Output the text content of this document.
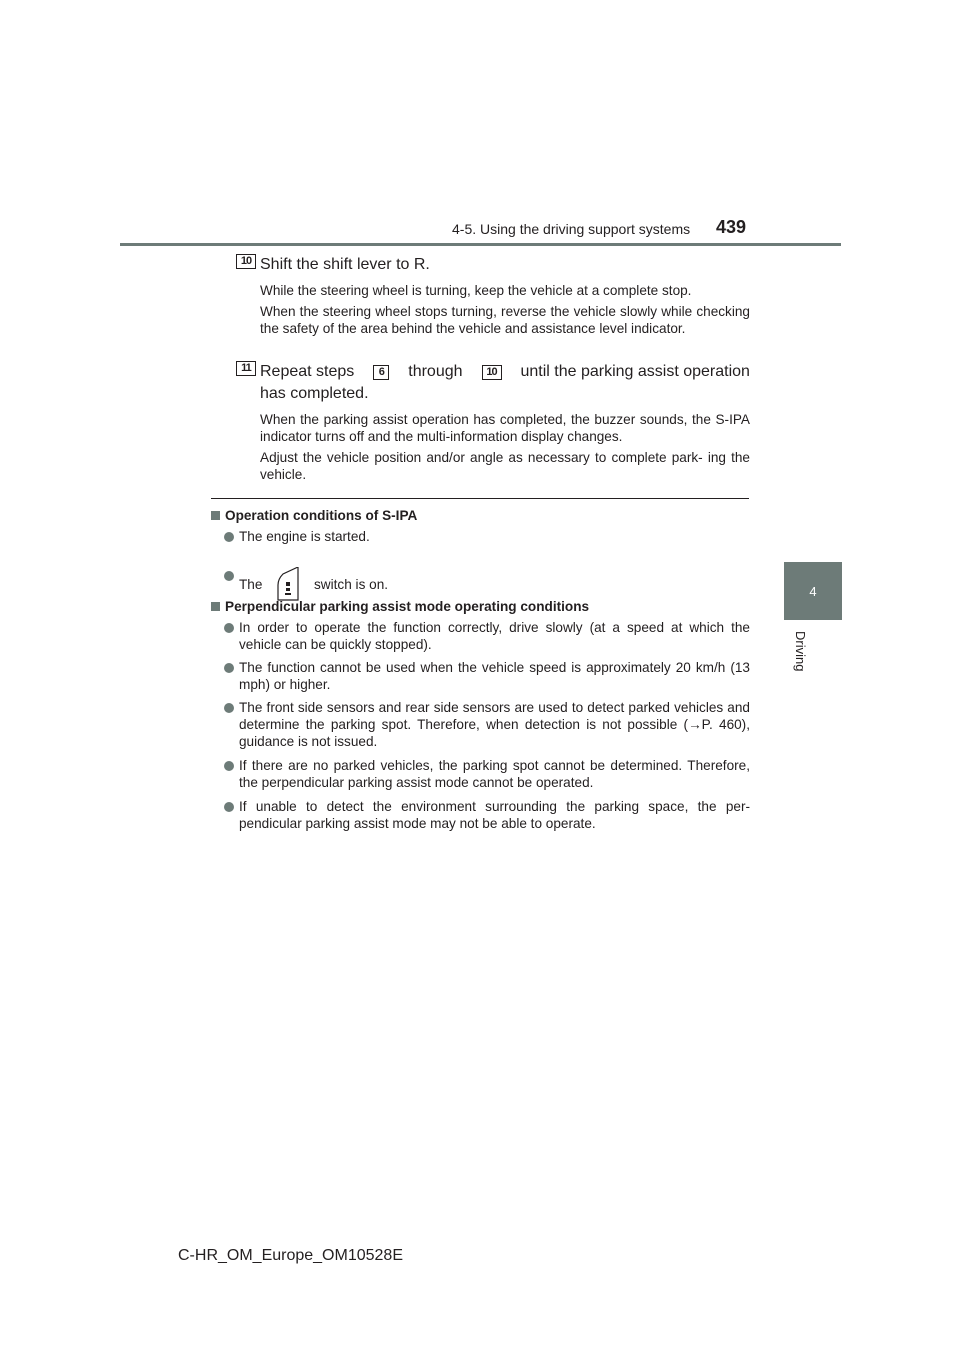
4-5. Using the driving support systems 439
4
Driving
10 Shift the shift lever to R.
While the steering wheel is turning, keep the vehicle at a complete stop.
When the steering wheel stops turning, reverse the vehicle slowly while checking the safety of the area behind the vehicle and assistance level indicator.
11 Repeat steps	6	through	10	until the parking assist operation
has completed.
When the parking assist operation has completed, the buzzer sounds, the S-IPA indicator turns off and the multi-information display changes.
Adjust the vehicle position and/or angle as necessary to complete park- ing the vehicle.
Operation conditions of S-IPA
The engine is started.
The	switch is on.
Perpendicular parking assist mode operating conditions
In order to operate the function correctly, drive slowly (at a speed at which the vehicle can be quickly stopped).
The function cannot be used when the vehicle speed is approximately 20 km/h (13 mph) or higher.
The front side sensors and rear side sensors are used to detect parked vehicles and determine the parking spot. Therefore, when detection is not possible (→P. 460), guidance is not issued.
If there are no parked vehicles, the parking spot cannot be determined. Therefore, the perpendicular parking assist mode cannot be operated.
If unable to detect the environment surrounding the parking space, the per- pendicular parking assist mode may not be able to operate.
C-HR_OM_Europe_OM10528E
